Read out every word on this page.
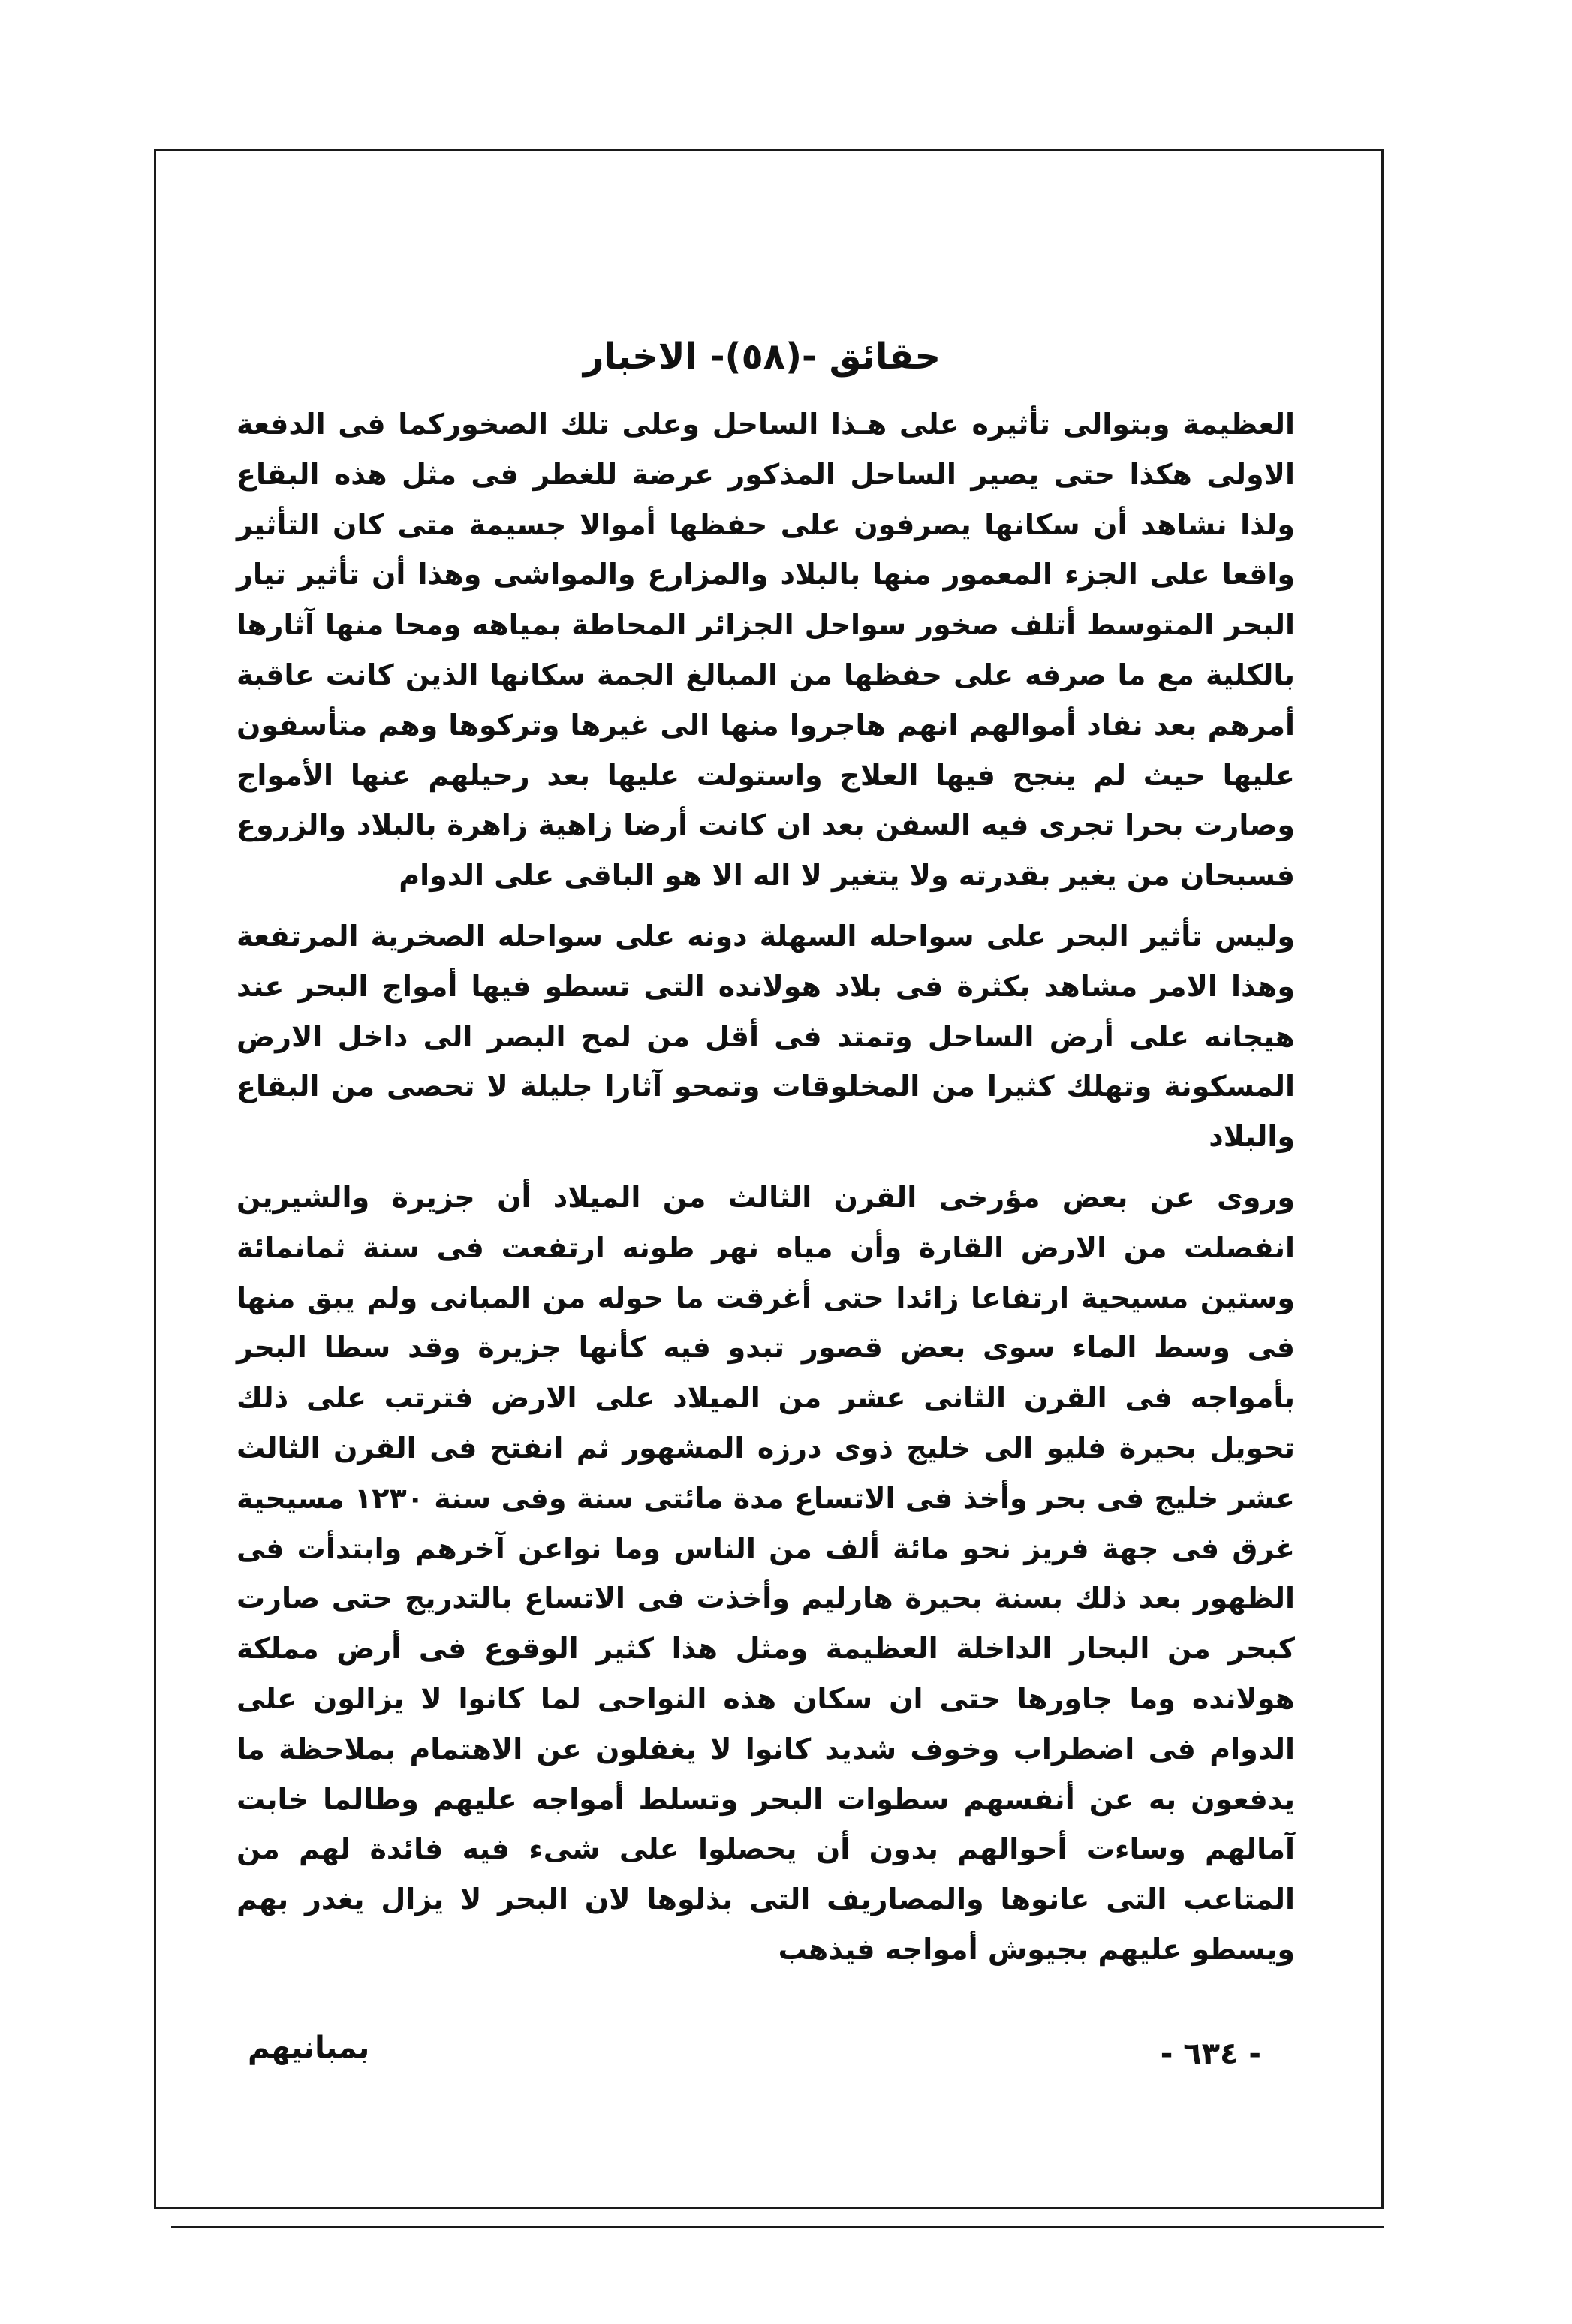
حقائق -(٥٨)- الاخبار

العظيمة وبتوالى تأثيره على هـذا الساحل وعلى تلك الصخوركما فى الدفعة الاولى هكذا حتى يصير الساحل المذكور عرضة للغطر فى مثل هذه البقاع ولذا نشاهد أن سكانها يصرفون على حفظها أموالا جسيمة متى كان التأثير واقعا على الجزء المعمور منها بالبلاد والمزارع والمواشى وهذا أن تأثير تيار البحر المتوسط أتلف صخور سواحل الجزائر المحاطة بمياهه ومحا منها آثارها بالكلية مع ما صرفه على حفظها من المبالغ الجمة سكانها الذين كانت عاقبة أمرهم بعد نفاد أموالهم انهم هاجروا منها الى غيرها وتركوها وهم متأسفون عليها حيث لم ينجح فيها العلاج واستولت عليها بعد رحيلهم عنها الأمواج وصارت بحرا تجرى فيه السفن بعد ان كانت أرضا زاهية زاهرة بالبلاد والزروع فسبحان من يغير بقدرته ولا يتغير لا اله الا هو الباقى على الدوام

وليس تأثير البحر على سواحله السهلة دونه على سواحله الصخرية المرتفعة وهذا الامر مشاهد بكثرة فى بلاد هولانده التى تسطو فيها أمواج البحر عند هيجانه على أرض الساحل وتمتد فى أقل من لمح البصر الى داخل الارض المسكونة وتهلك كثيرا من المخلوقات وتمحو آثارا جليلة لا تحصى من البقاع والبلاد

وروى عن بعض مؤرخى القرن الثالث من الميلاد أن جزيرة والشيرين انفصلت من الارض القارة وأن مياه نهر طونه ارتفعت فى سنة ثمانمائة وستين مسيحية ارتفاعا زائدا حتى أغرقت ما حوله من المبانى ولم يبق منها فى وسط الماء سوى بعض قصور تبدو فيه كأنها جزيرة وقد سطا البحر بأمواجه فى القرن الثانى عشر من الميلاد على الارض فترتب على ذلك تحويل بحيرة فليو الى خليج ذوى درزه المشهور ثم انفتح فى القرن الثالث عشر خليج فى بحر وأخذ فى الاتساع مدة مائتى سنة وفى سنة ١٢٣٠ مسيحية غرق فى جهة فريز نحو مائة ألف من الناس وما نواعن آخرهم وابتدأت فى الظهور بعد ذلك بسنة بحيرة هارليم وأخذت فى الاتساع بالتدريج حتى صارت كبحر من البحار الداخلة العظيمة ومثل هذا كثير الوقوع فى أرض مملكة هولانده وما جاورها حتى ان سكان هذه النواحى لما كانوا لا يزالون على الدوام فى اضطراب وخوف شديد كانوا لا يغفلون عن الاهتمام بملاحظة ما يدفعون به عن أنفسهم سطوات البحر وتسلط أمواجه عليهم وطالما خابت آمالهم وساءت أحوالهم بدون أن يحصلوا على شىء فيه فائدة لهم من المتاعب التى عانوها والمصاريف التى بذلوها لان البحر لا يزال يغدر بهم ويسطو عليهم بجيوش أمواجه فيذهب

بمبانيهم	- ٦٣٤ -
